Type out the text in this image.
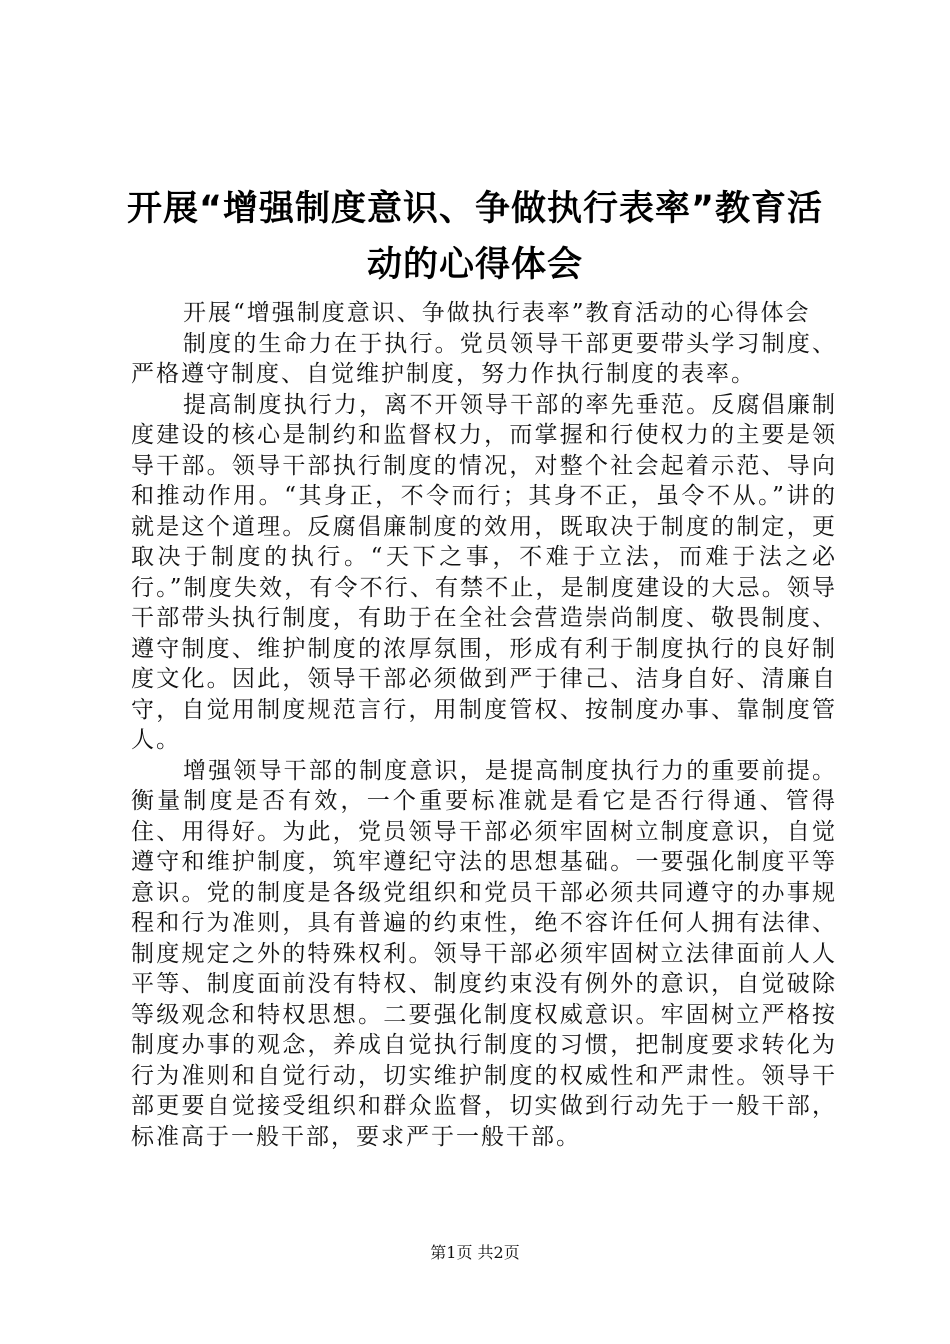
开展“增强制度意识、争做执行表率”教育活
动的心得体会

开展“增强制度意识、争做执行表率”教育活动的心得体会

制度的生命力在于执行。党员领导干部更要带头学习制度、严格遵守制度、自觉维护制度，努力作执行制度的表率。

提高制度执行力，离不开领导干部的率先垂范。反腐倡廉制度建设的核心是制约和监督权力，而掌握和行使权力的主要是领导干部。领导干部执行制度的情况，对整个社会起着示范、导向和推动作用。“其身正，不令而行；其身不正，虽令不从。”讲的就是这个道理。反腐倡廉制度的效用，既取决于制度的制定，更取决于制度的执行。“天下之事，不难于立法，而难于法之必行。”制度失效，有令不行、有禁不止，是制度建设的大忌。领导干部带头执行制度，有助于在全社会营造崇尚制度、敬畏制度、遵守制度、维护制度的浓厚氛围，形成有利于制度执行的良好制度文化。因此，领导干部必须做到严于律己、洁身自好、清廉自守，自觉用制度规范言行，用制度管权、按制度办事、靠制度管人。

增强领导干部的制度意识，是提高制度执行力的重要前提。衡量制度是否有效，一个重要标准就是看它是否行得通、管得住、用得好。为此，党员领导干部必须牢固树立制度意识，自觉遵守和维护制度，筑牢遵纪守法的思想基础。一要强化制度平等意识。党的制度是各级党组织和党员干部必须共同遵守的办事规程和行为准则，具有普遍的约束性，绝不容许任何人拥有法律、制度规定之外的特殊权利。领导干部必须牢固树立法律面前人人平等、制度面前没有特权、制度约束没有例外的意识，自觉破除等级观念和特权思想。二要强化制度权威意识。牢固树立严格按制度办事的观念，养成自觉执行制度的习惯，把制度要求转化为行为准则和自觉行动，切实维护制度的权威性和严肃性。领导干部更要自觉接受组织和群众监督，切实做到行动先于一般干部，标准高于一般干部，要求严于一般干部。

第1页 共2页
